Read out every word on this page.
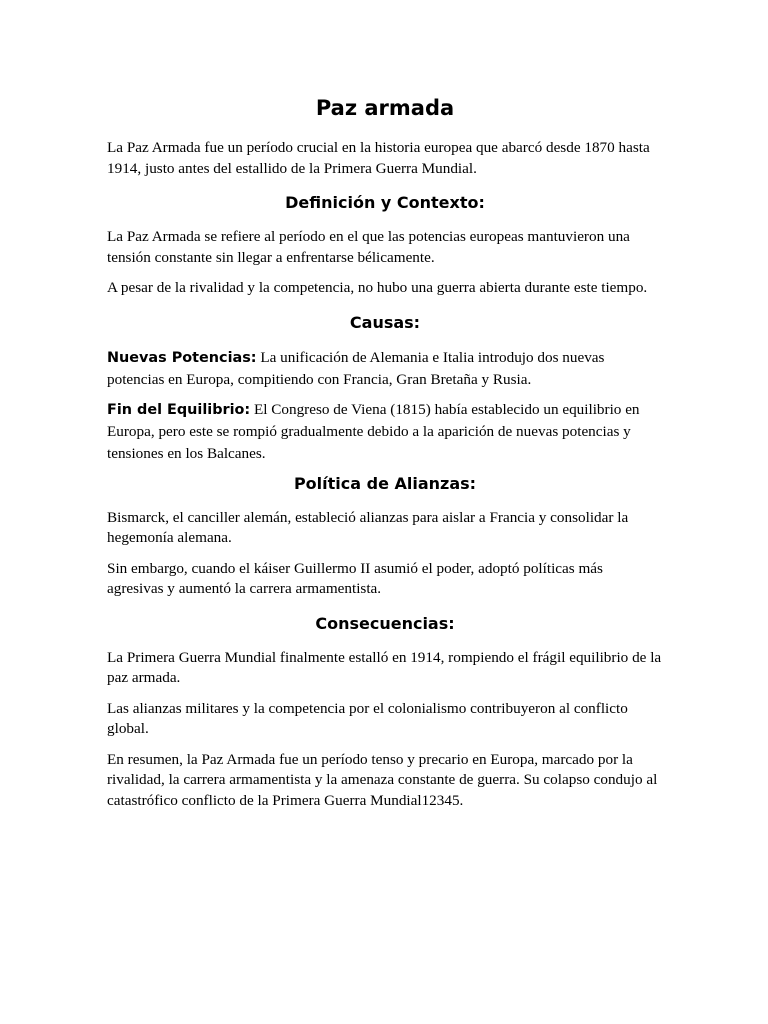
Paz armada

La Paz Armada fue un período crucial en la historia europea que abarcó desde 1870 hasta 1914, justo antes del estallido de la Primera Guerra Mundial.

Definición y Contexto:

La Paz Armada se refiere al período en el que las potencias europeas mantuvieron una tensión constante sin llegar a enfrentarse bélicamente.

A pesar de la rivalidad y la competencia, no hubo una guerra abierta durante este tiempo.

Causas:

Nuevas Potencias: La unificación de Alemania e Italia introdujo dos nuevas potencias en Europa, compitiendo con Francia, Gran Bretaña y Rusia.

Fin del Equilibrio: El Congreso de Viena (1815) había establecido un equilibrio en Europa, pero este se rompió gradualmente debido a la aparición de nuevas potencias y tensiones en los Balcanes.

Política de Alianzas:

Bismarck, el canciller alemán, estableció alianzas para aislar a Francia y consolidar la hegemonía alemana.

Sin embargo, cuando el káiser Guillermo II asumió el poder, adoptó políticas más agresivas y aumentó la carrera armamentista.

Consecuencias:

La Primera Guerra Mundial finalmente estalló en 1914, rompiendo el frágil equilibrio de la paz armada.

Las alianzas militares y la competencia por el colonialismo contribuyeron al conflicto global.

En resumen, la Paz Armada fue un período tenso y precario en Europa, marcado por la rivalidad, la carrera armamentista y la amenaza constante de guerra. Su colapso condujo al catastrófico conflicto de la Primera Guerra Mundial12345.
